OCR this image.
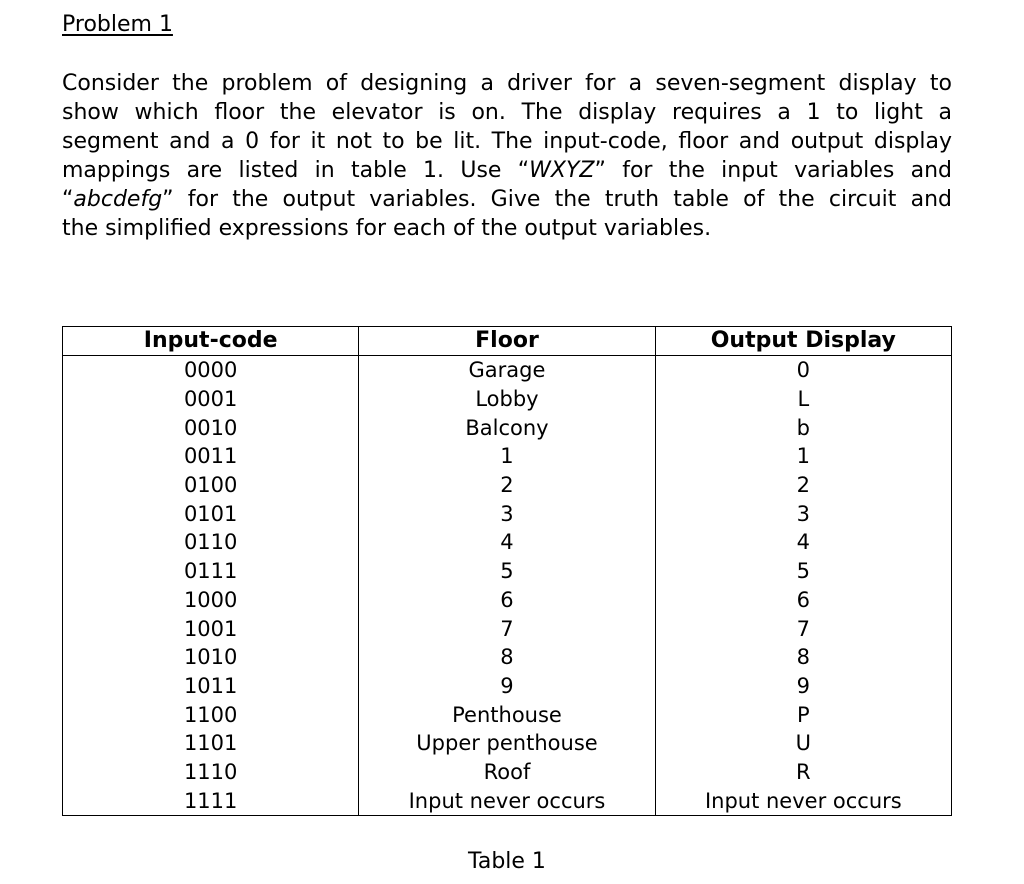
Problem 1

Consider the problem of designing a driver for a seven-segment display to
show which floor the elevator is on. The display requires a 1 to light a
segment and a 0 for it not to be lit. The input-code, floor and output display
mappings are listed in table 1. Use “WXYZ” for the input variables and
“abcdefg” for the output variables. Give the truth table of the circuit and
the simplified expressions for each of the output variables.

Input-code	Floor	Output Display
0000	Garage	0
0001	Lobby	L
0010	Balcony	b
0011	1	1
0100	2	2
0101	3	3
0110	4	4
0111	5	5
1000	6	6
1001	7	7
1010	8	8
1011	9	9
1100	Penthouse	P
1101	Upper penthouse	U
1110	Roof	R
1111	Input never occurs	Input never occurs
Table 1
